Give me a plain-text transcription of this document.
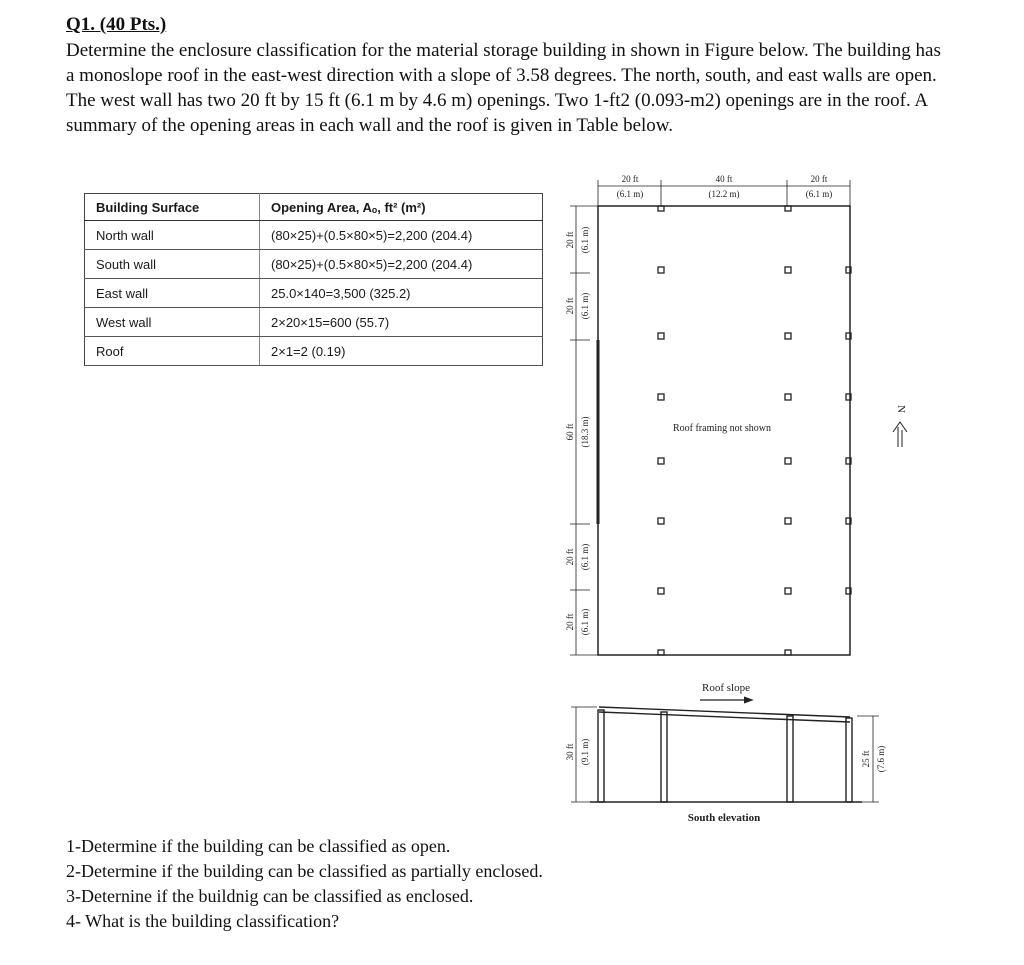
Q1. (40 Pts.)

Determine the enclosure classification for the material storage building in shown in Figure below. The building has a monoslope roof in the east-west direction with a slope of 3.58 degrees. The north, south, and east walls are open. The west wall has two 20 ft by 15 ft (6.1 m by 4.6 m) openings. Two 1-ft2 (0.093-m2) openings are in the roof. A summary of the opening areas in each wall and the roof is given in Table below.

Building Surface	Opening Area, Aₒ, ft² (m²)
North wall	(80×25)+(0.5×80×5)=2,200 (204.4)
South wall	(80×25)+(0.5×80×5)=2,200 (204.4)
East wall	25.0×140=3,500 (325.2)
West wall	2×20×15=600 (55.7)
Roof	2×1=2 (0.19)
20 ft
(6.1 m)
40 ft
(12.2 m)
20 ft
(6.1 m)
20 ft (6.1 m)
20 ft (6.1 m)
60 ft (18.3 m)
20 ft (6.1 m)
20 ft (6.1 m)
Roof framing not shown
N
Roof slope
30 ft (9.1 m)	25 ft (7.6 m)
South elevation
1-Determine if the building can be classified as open.
2-Determine if the building can be classified as partially enclosed.
3-Deternine if the buildnig can be classified as enclosed.
4- What is the building classification?
